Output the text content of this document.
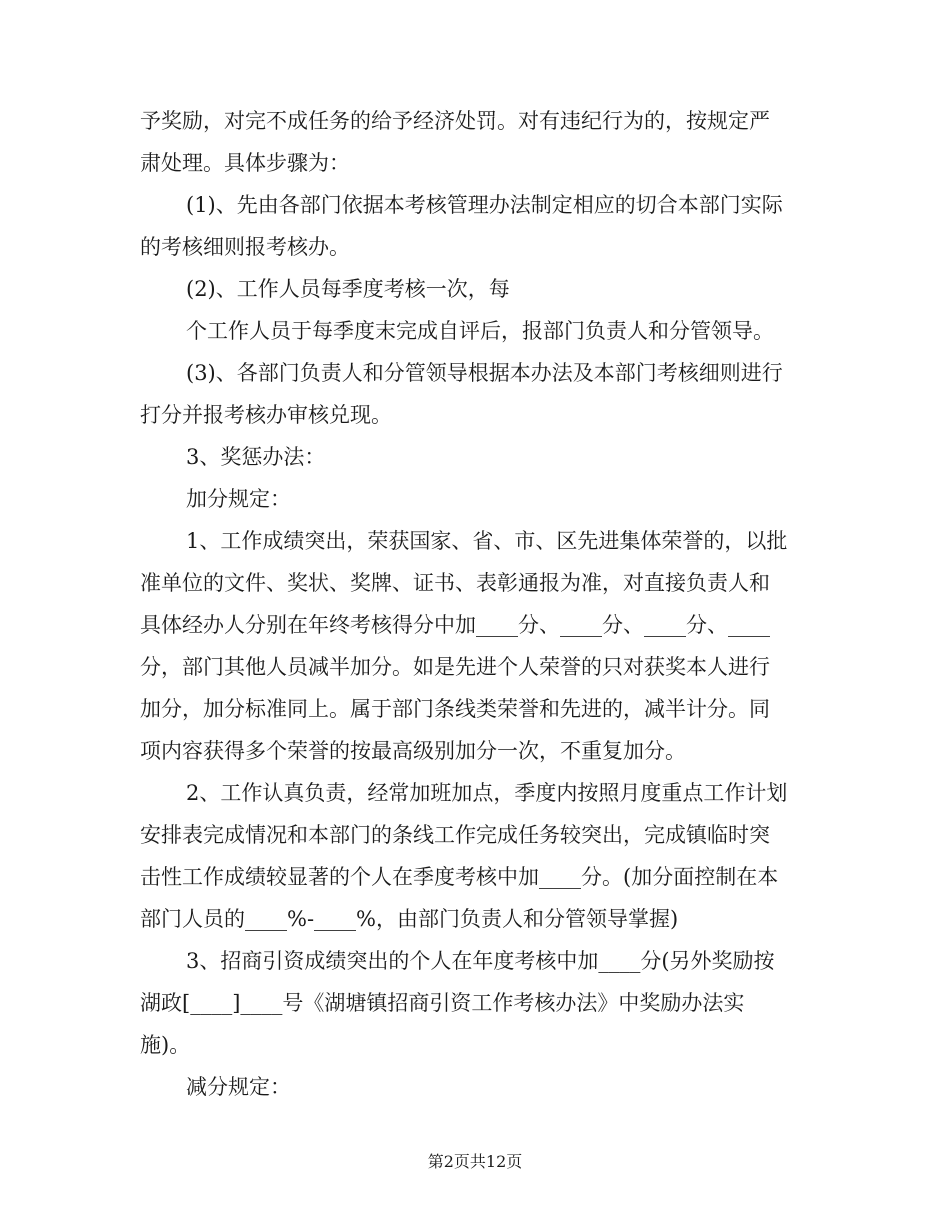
予奖励，对完不成任务的给予经济处罚。对有违纪行为的，按规定严
肃处理。具体步骤为：
(1)、先由各部门依据本考核管理办法制定相应的切合本部门实际
的考核细则报考核办。
(2)、工作人员每季度考核一次，每
个工作人员于每季度末完成自评后，报部门负责人和分管领导。
(3)、各部门负责人和分管领导根据本办法及本部门考核细则进行
打分并报考核办审核兑现。
3、奖惩办法：
加分规定：
1、工作成绩突出，荣获国家、省、市、区先进集体荣誉的，以批
准单位的文件、奖状、奖牌、证书、表彰通报为准，对直接负责人和
具体经办人分别在年终考核得分中加____分、____分、____分、____
分，部门其他人员减半加分。如是先进个人荣誉的只对获奖本人进行
加分，加分标准同上。属于部门条线类荣誉和先进的，减半计分。同
项内容获得多个荣誉的按最高级别加分一次，不重复加分。
2、工作认真负责，经常加班加点，季度内按照月度重点工作计划
安排表完成情况和本部门的条线工作完成任务较突出，完成镇临时突
击性工作成绩较显著的个人在季度考核中加____分。(加分面控制在本
部门人员的____%-____%，由部门负责人和分管领导掌握)
3、招商引资成绩突出的个人在年度考核中加____分(另外奖励按
湖政[____]____号《湖塘镇招商引资工作考核办法》中奖励办法实
施)。
减分规定：
第2页共12页
